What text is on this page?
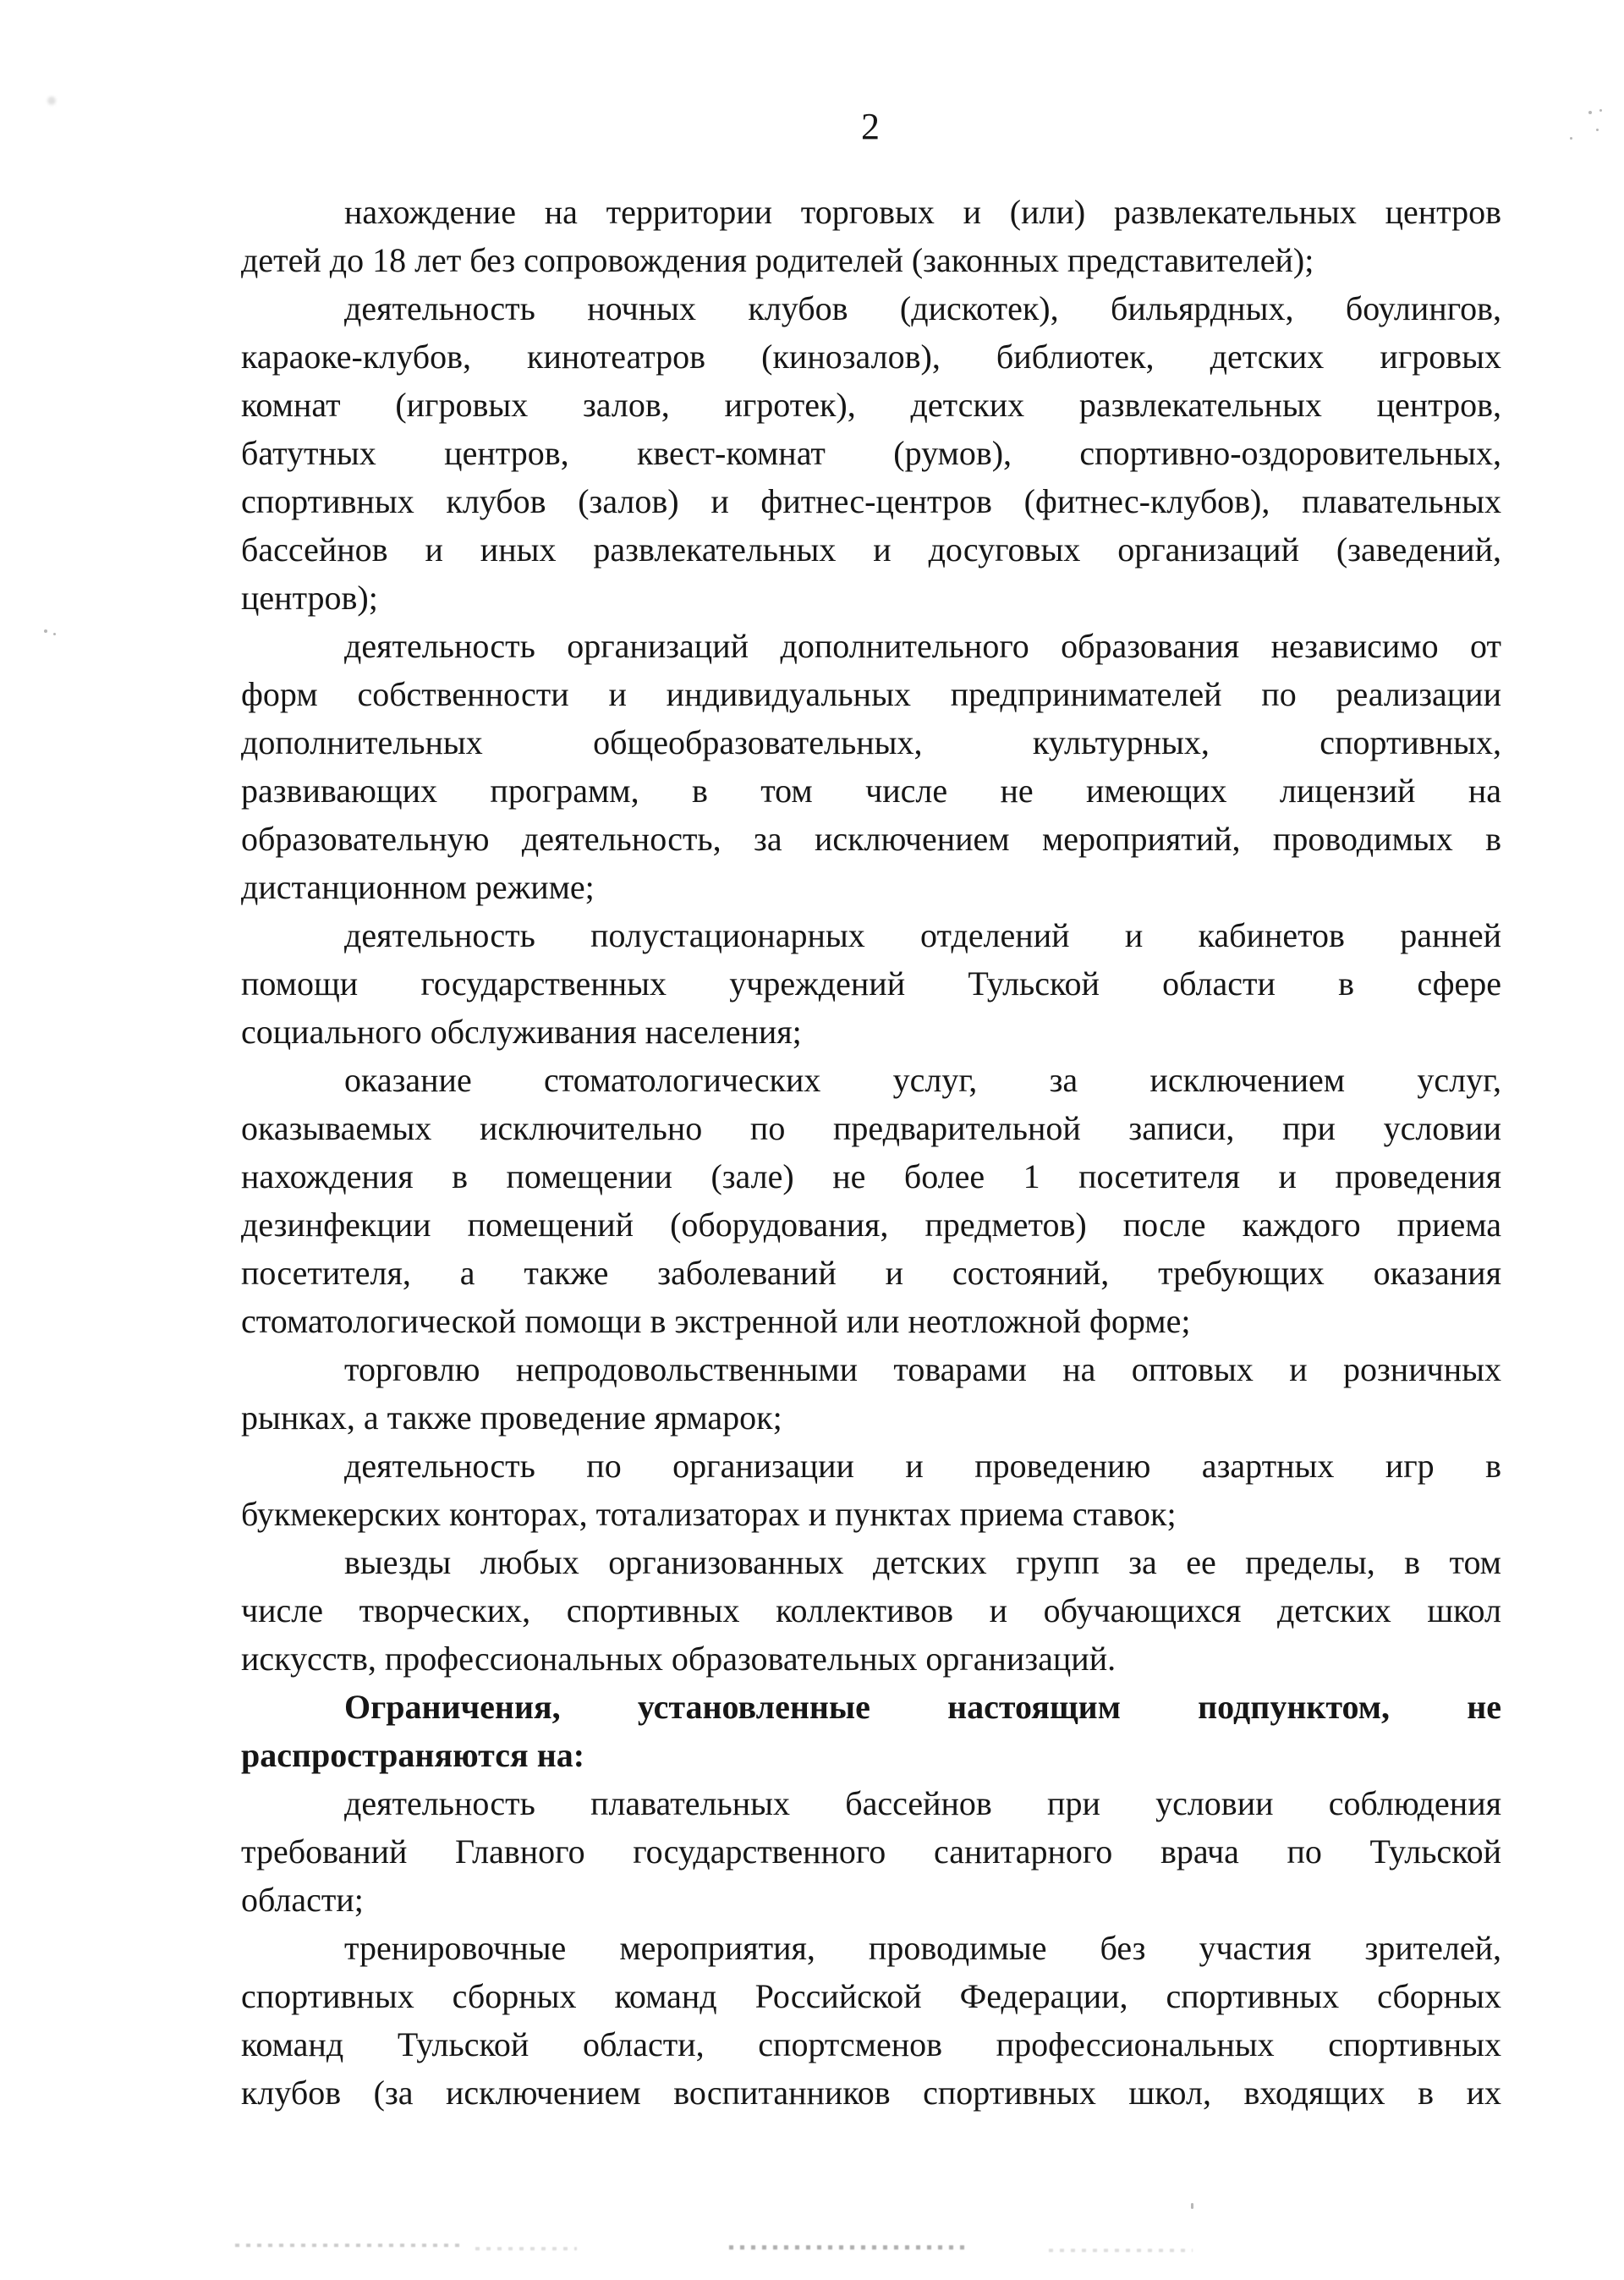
2
нахождение на территории торговых и (или) развлекательных центров
детей до 18 лет без сопровождения родителей (законных представителей);
деятельность ночных клубов (дискотек), бильярдных, боулингов,
караоке-клубов, кинотеатров (кинозалов), библиотек, детских игровых
комнат (игровых залов, игротек), детских развлекательных центров,
батутных центров, квест-комнат (румов), спортивно-оздоровительных,
спортивных клубов (залов) и фитнес-центров (фитнес-клубов), плавательных
бассейнов и иных развлекательных и досуговых организаций (заведений,
центров);
деятельность организаций дополнительного образования независимо от
форм собственности и индивидуальных предпринимателей по реализации
дополнительных общеобразовательных, культурных, спортивных,
развивающих программ, в том числе не имеющих лицензий на
образовательную деятельность, за исключением мероприятий, проводимых в
дистанционном режиме;
деятельность полустационарных отделений и кабинетов ранней
помощи государственных учреждений Тульской области в сфере
социального обслуживания населения;
оказание стоматологических услуг, за исключением услуг,
оказываемых исключительно по предварительной записи, при условии
нахождения в помещении (зале) не более 1 посетителя и проведения
дезинфекции помещений (оборудования, предметов) после каждого приема
посетителя, а также заболеваний и состояний, требующих оказания
стоматологической помощи в экстренной или неотложной форме;
торговлю непродовольственными товарами на оптовых и розничных
рынках, а также проведение ярмарок;
деятельность по организации и проведению азартных игр в
букмекерских конторах, тотализаторах и пунктах приема ставок;
выезды любых организованных детских групп за ее пределы, в том
числе творческих, спортивных коллективов и обучающихся детских школ
искусств, профессиональных образовательных организаций.
Ограничения, установленные настоящим подпунктом, не
распространяются на:
деятельность плавательных бассейнов при условии соблюдения
требований Главного государственного санитарного врача по Тульской
области;
тренировочные мероприятия, проводимые без участия зрителей,
спортивных сборных команд Российской Федерации, спортивных сборных
команд Тульской области, спортсменов профессиональных спортивных
клубов (за исключением воспитанников спортивных школ, входящих в их
